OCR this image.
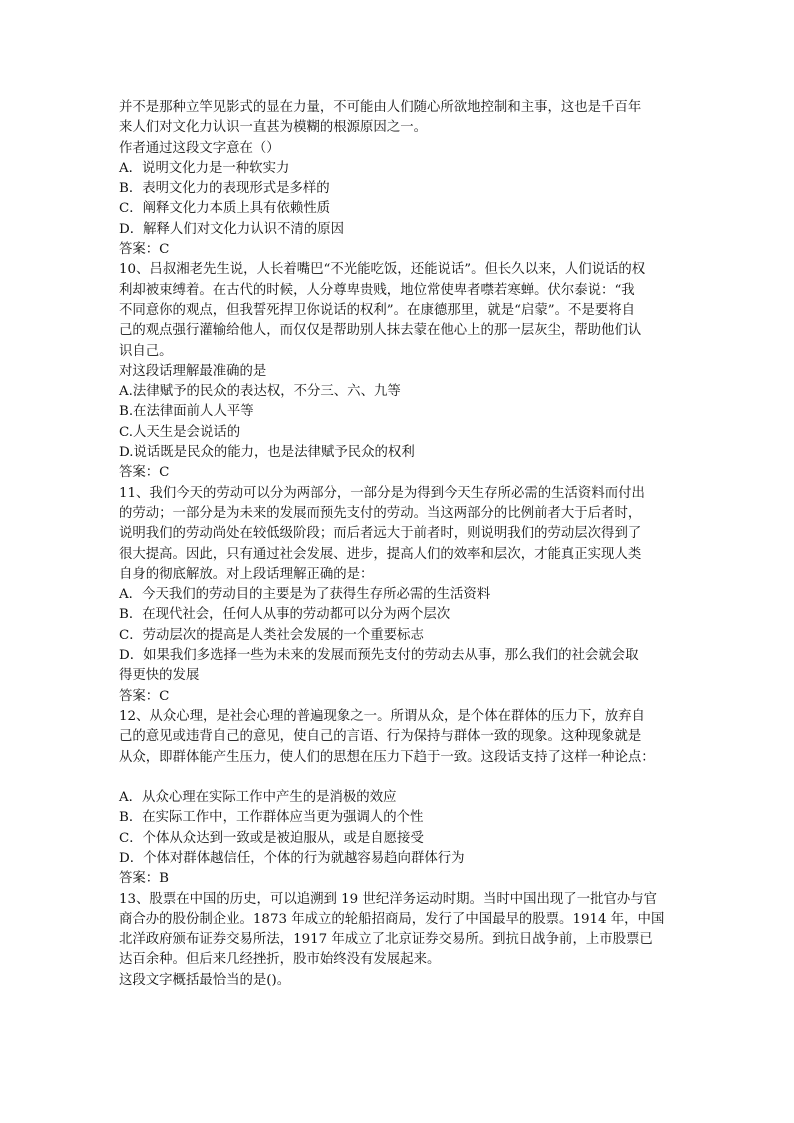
并不是那种立竿见影式的显在力量，不可能由人们随心所欲地控制和主事，这也是千百年
来人们对文化力认识一直甚为模糊的根源原因之一。
作者通过这段文字意在（）
A．说明文化力是一种软实力
B．表明文化力的表现形式是多样的
C．阐释文化力本质上具有依赖性质
D．解释人们对文化力认识不清的原因
答案：C
10、吕叔湘老先生说，人长着嘴巴“不光能吃饭，还能说话”。但长久以来，人们说话的权
利却被束缚着。在古代的时候，人分尊卑贵贱，地位常使卑者噤若寒蝉。伏尔泰说：“我
不同意你的观点，但我誓死捍卫你说话的权利”。在康德那里，就是“启蒙”。不是要将自
己的观点强行灌输给他人，而仅仅是帮助别人抹去蒙在他心上的那一层灰尘，帮助他们认
识自己。
对这段话理解最准确的是
A.法律赋予的民众的表达权，不分三、六、九等
B.在法律面前人人平等
C.人天生是会说话的
D.说话既是民众的能力，也是法律赋予民众的权利
答案：C
11、我们今天的劳动可以分为两部分，一部分是为得到今天生存所必需的生活资料而付出
的劳动；一部分是为未来的发展而预先支付的劳动。当这两部分的比例前者大于后者时，
说明我们的劳动尚处在较低级阶段；而后者远大于前者时，则说明我们的劳动层次得到了
很大提高。因此，只有通过社会发展、进步，提高人们的效率和层次，才能真正实现人类
自身的彻底解放。对上段话理解正确的是：
A．今天我们的劳动目的主要是为了获得生存所必需的生活资料
B．在现代社会，任何人从事的劳动都可以分为两个层次
C．劳动层次的提高是人类社会发展的一个重要标志
D．如果我们多选择一些为未来的发展而预先支付的劳动去从事，那么我们的社会就会取
得更快的发展
答案：C
12、从众心理，是社会心理的普遍现象之一。所谓从众，是个体在群体的压力下，放弃自
己的意见或违背自己的意见，使自己的言语、行为保持与群体一致的现象。这种现象就是
从众，即群体能产生压力，使人们的思想在压力下趋于一致。这段话支持了这样一种论点：
A．从众心理在实际工作中产生的是消极的效应
B．在实际工作中，工作群体应当更为强调人的个性
C．个体从众达到一致或是被迫服从，或是自愿接受
D．个体对群体越信任，个体的行为就越容易趋向群体行为
答案：B
13、股票在中国的历史，可以追溯到 19 世纪洋务运动时期。当时中国出现了一批官办与官
商合办的股份制企业。1873 年成立的轮船招商局，发行了中国最早的股票。1914 年，中国
北洋政府颁布证券交易所法，1917 年成立了北京证券交易所。到抗日战争前，上市股票已
达百余种。但后来几经挫折，股市始终没有发展起来。
这段文字概括最恰当的是()。
